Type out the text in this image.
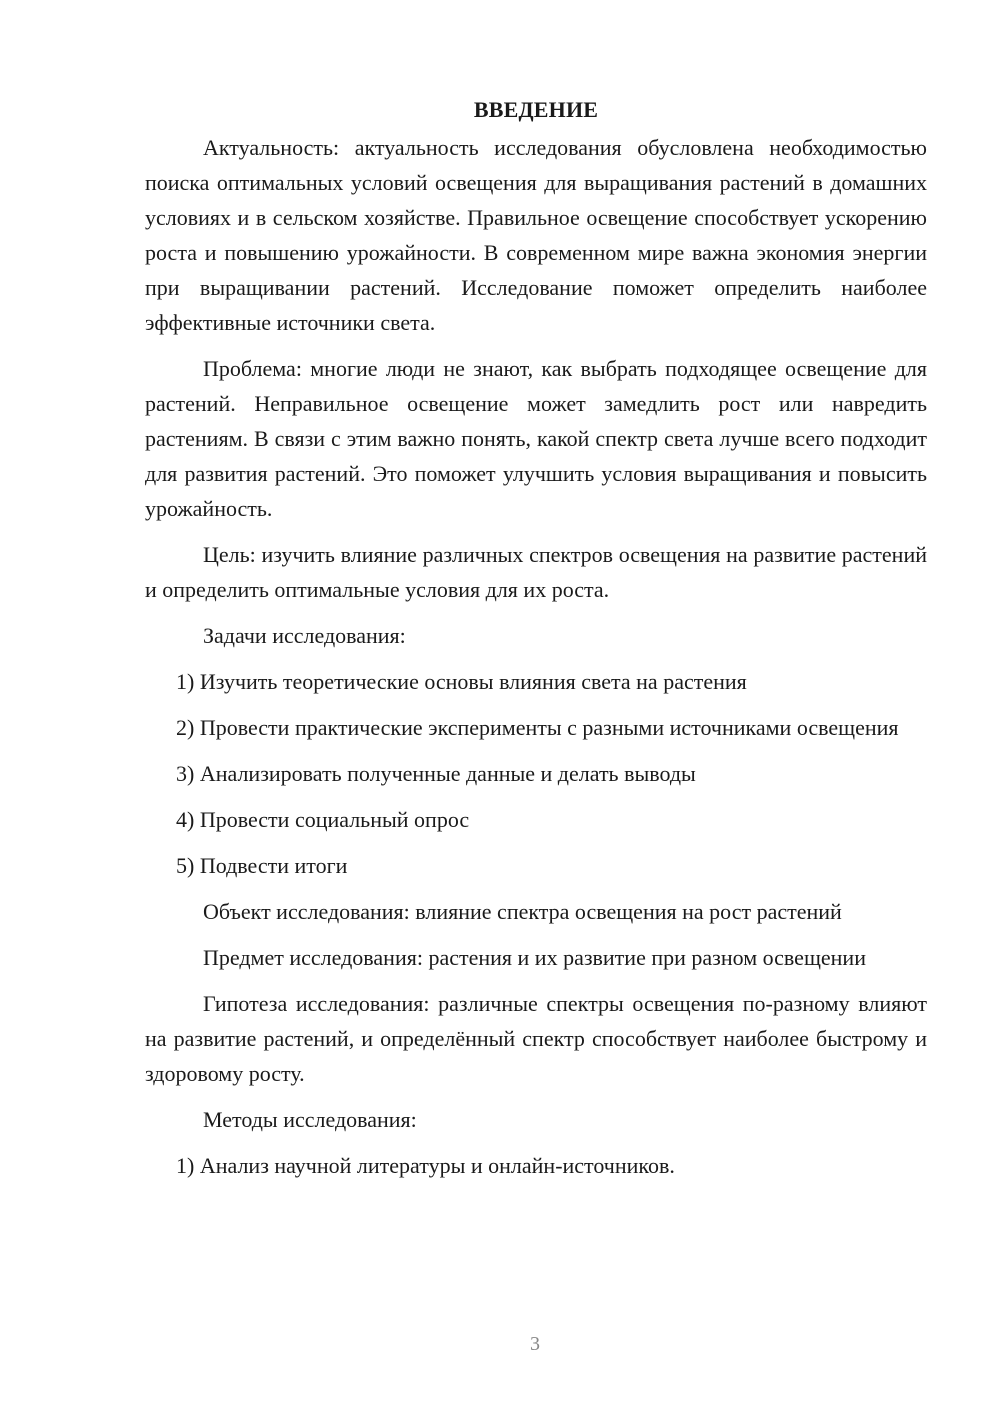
ВВЕДЕНИЕ

Актуальность: актуальность исследования обусловлена необходимостью поиска оптимальных условий освещения для выращивания растений в домашних условиях и в сельском хозяйстве. Правильное освещение способствует ускорению роста и повышению урожайности. В современном мире важна экономия энергии при выращивании растений. Исследование поможет определить наиболее эффективные источники света.

Проблема: многие люди не знают, как выбрать подходящее освещение для растений. Неправильное освещение может замедлить рост или навредить растениям. В связи с этим важно понять, какой спектр света лучше всего подходит для развития растений. Это поможет улучшить условия выращивания и повысить урожайность.

Цель: изучить влияние различных спектров освещения на развитие растений и определить оптимальные условия для их роста.

Задачи исследования:

1) Изучить теоретические основы влияния света на растения

2) Провести практические эксперименты с разными источниками освещения

3) Анализировать полученные данные и делать выводы

4) Провести социальный опрос

5) Подвести итоги

Объект исследования: влияние спектра освещения на рост растений

Предмет исследования: растения и их развитие при разном освещении

Гипотеза исследования: различные спектры освещения по-разному влияют на развитие растений, и определённый спектр способствует наиболее быстрому и здоровому росту.

Методы исследования:

1) Анализ научной литературы и онлайн-источников.

3
